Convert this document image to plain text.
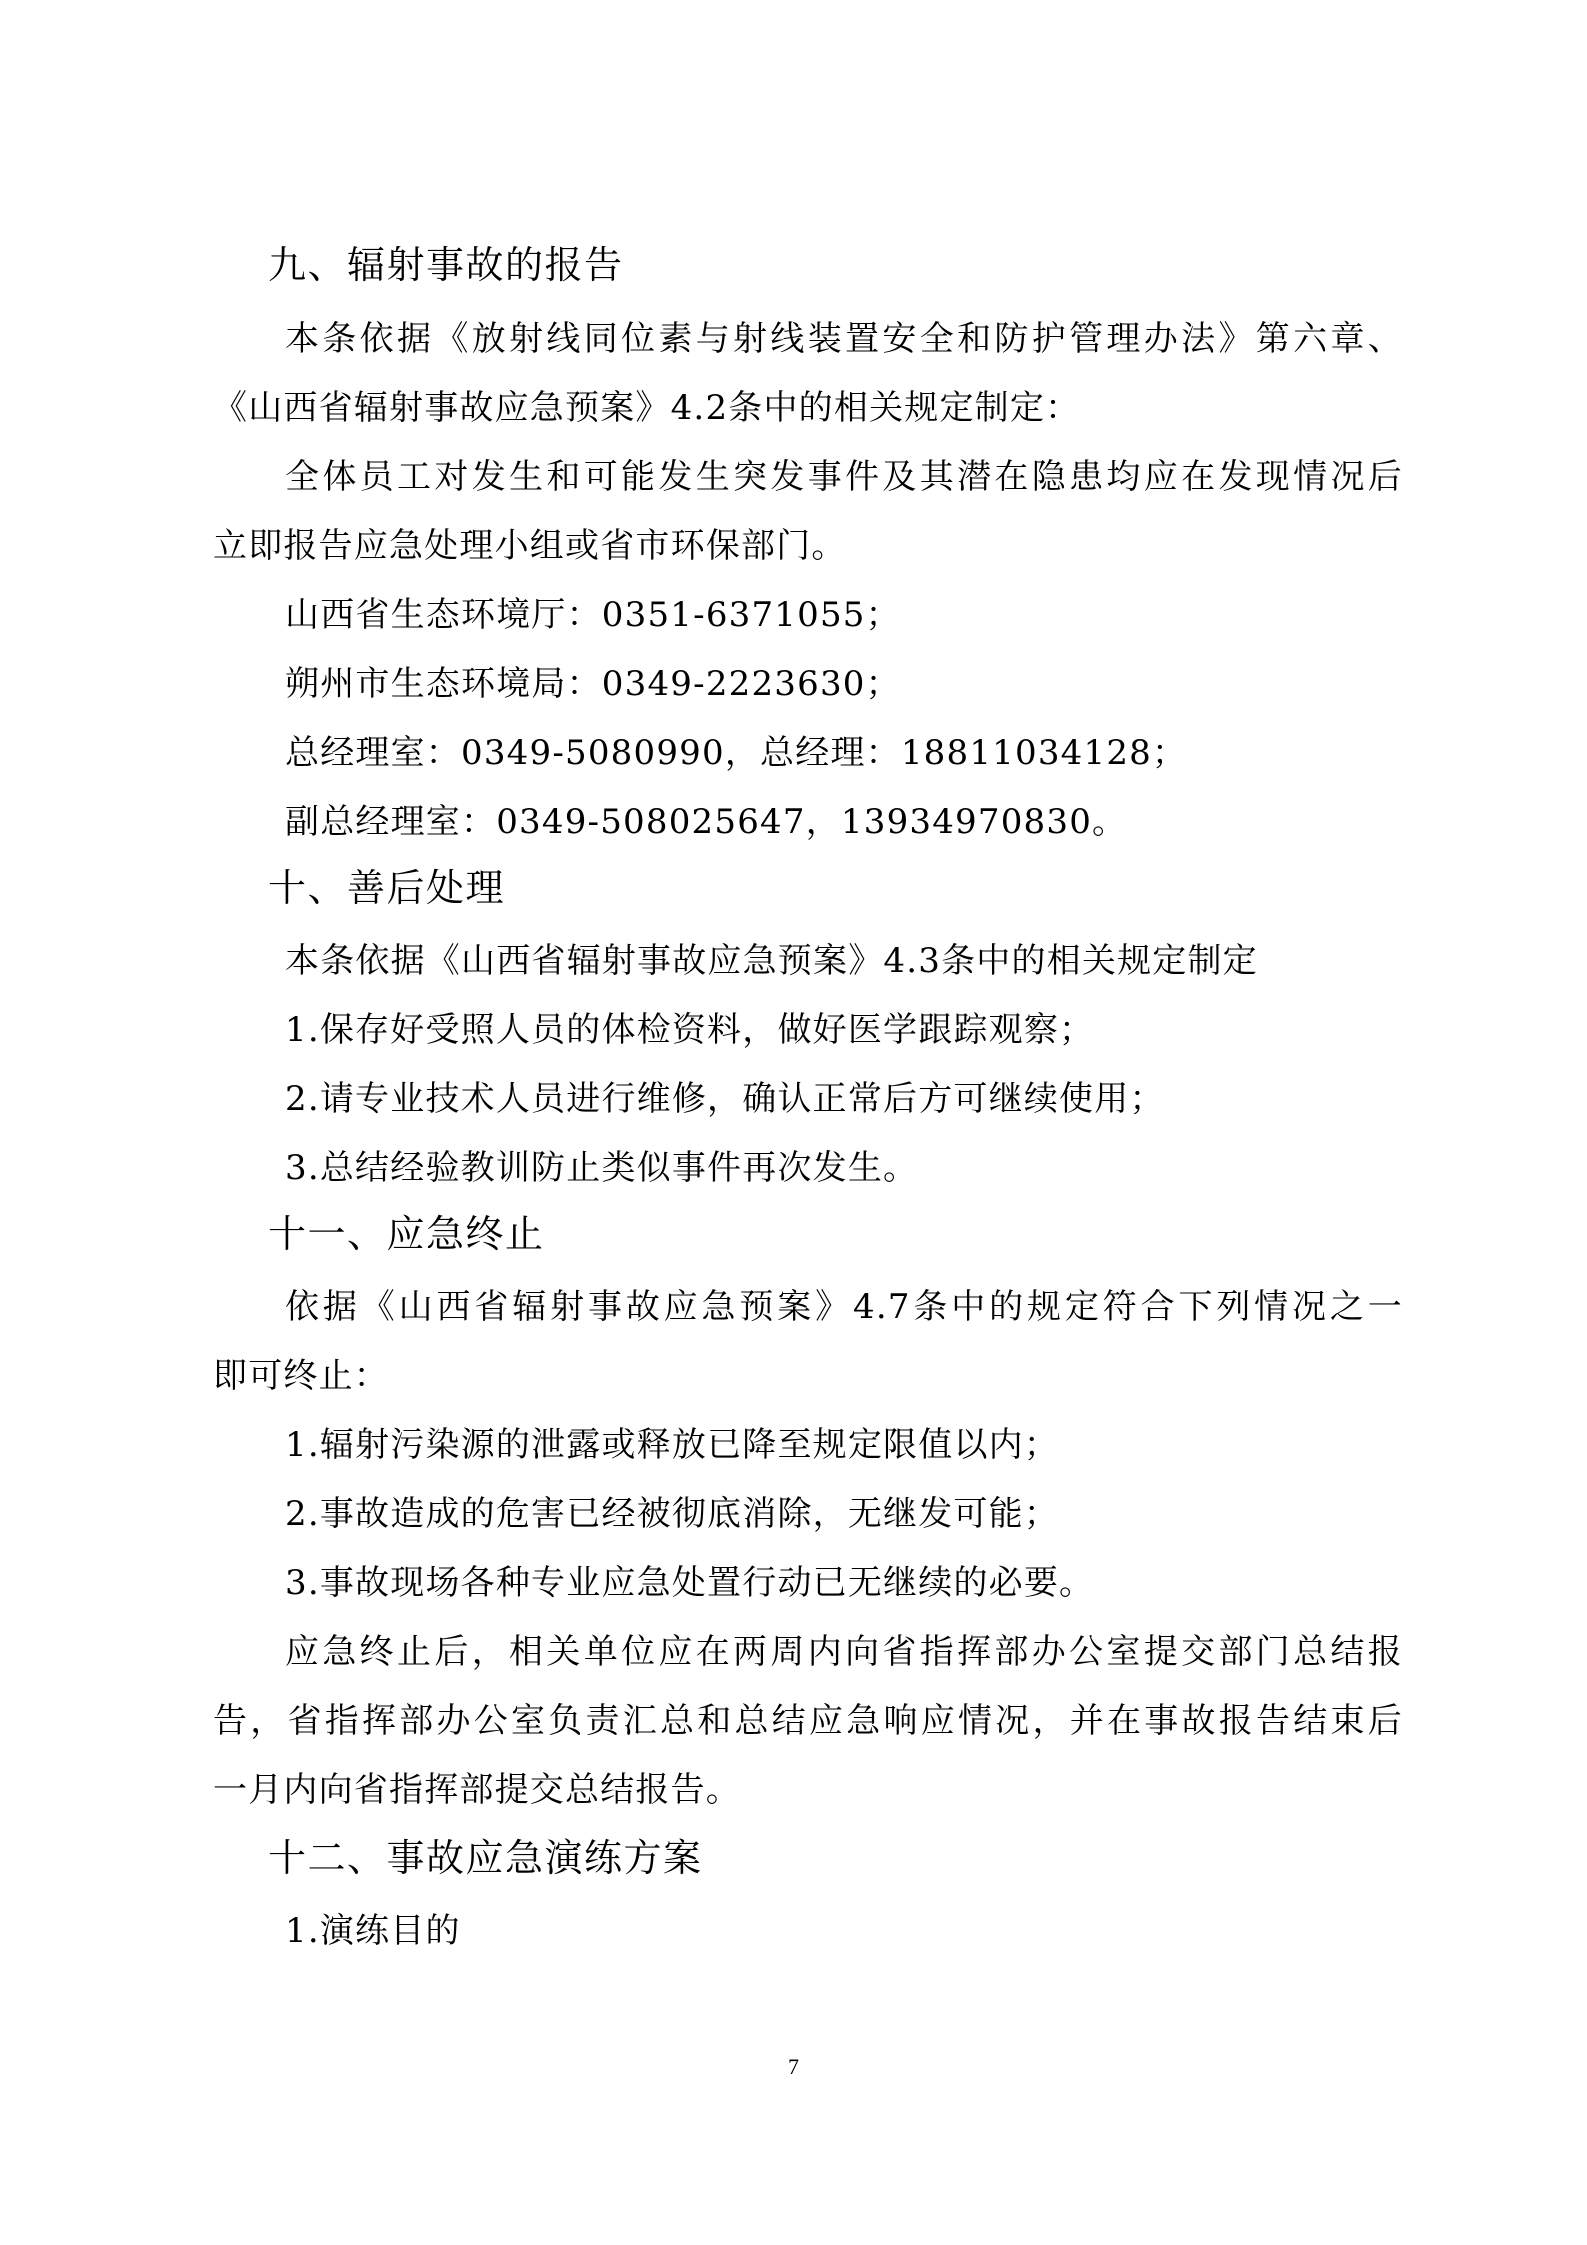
九、辐射事故的报告

本条依据《放射线同位素与射线装置安全和防护管理办法》第六章、

《山西省辐射事故应急预案》4.2条中的相关规定制定：

全体员工对发生和可能发生突发事件及其潜在隐患均应在发现情况后

立即报告应急处理小组或省市环保部门。

山西省生态环境厅：0351-6371055；

朔州市生态环境局：0349-2223630；

总经理室：0349-5080990，总经理：18811034128；

副总经理室：0349-508025647，13934970830。

十、善后处理

本条依据《山西省辐射事故应急预案》4.3条中的相关规定制定

1.保存好受照人员的体检资料，做好医学跟踪观察；

2.请专业技术人员进行维修，确认正常后方可继续使用；

3.总结经验教训防止类似事件再次发生。

十一、应急终止

依据《山西省辐射事故应急预案》4.7条中的规定符合下列情况之一

即可终止：

1.辐射污染源的泄露或释放已降至规定限值以内；

2.事故造成的危害已经被彻底消除，无继发可能；

3.事故现场各种专业应急处置行动已无继续的必要。

应急终止后，相关单位应在两周内向省指挥部办公室提交部门总结报

告，省指挥部办公室负责汇总和总结应急响应情况，并在事故报告结束后

一月内向省指挥部提交总结报告。

十二、事故应急演练方案

1.演练目的

7
